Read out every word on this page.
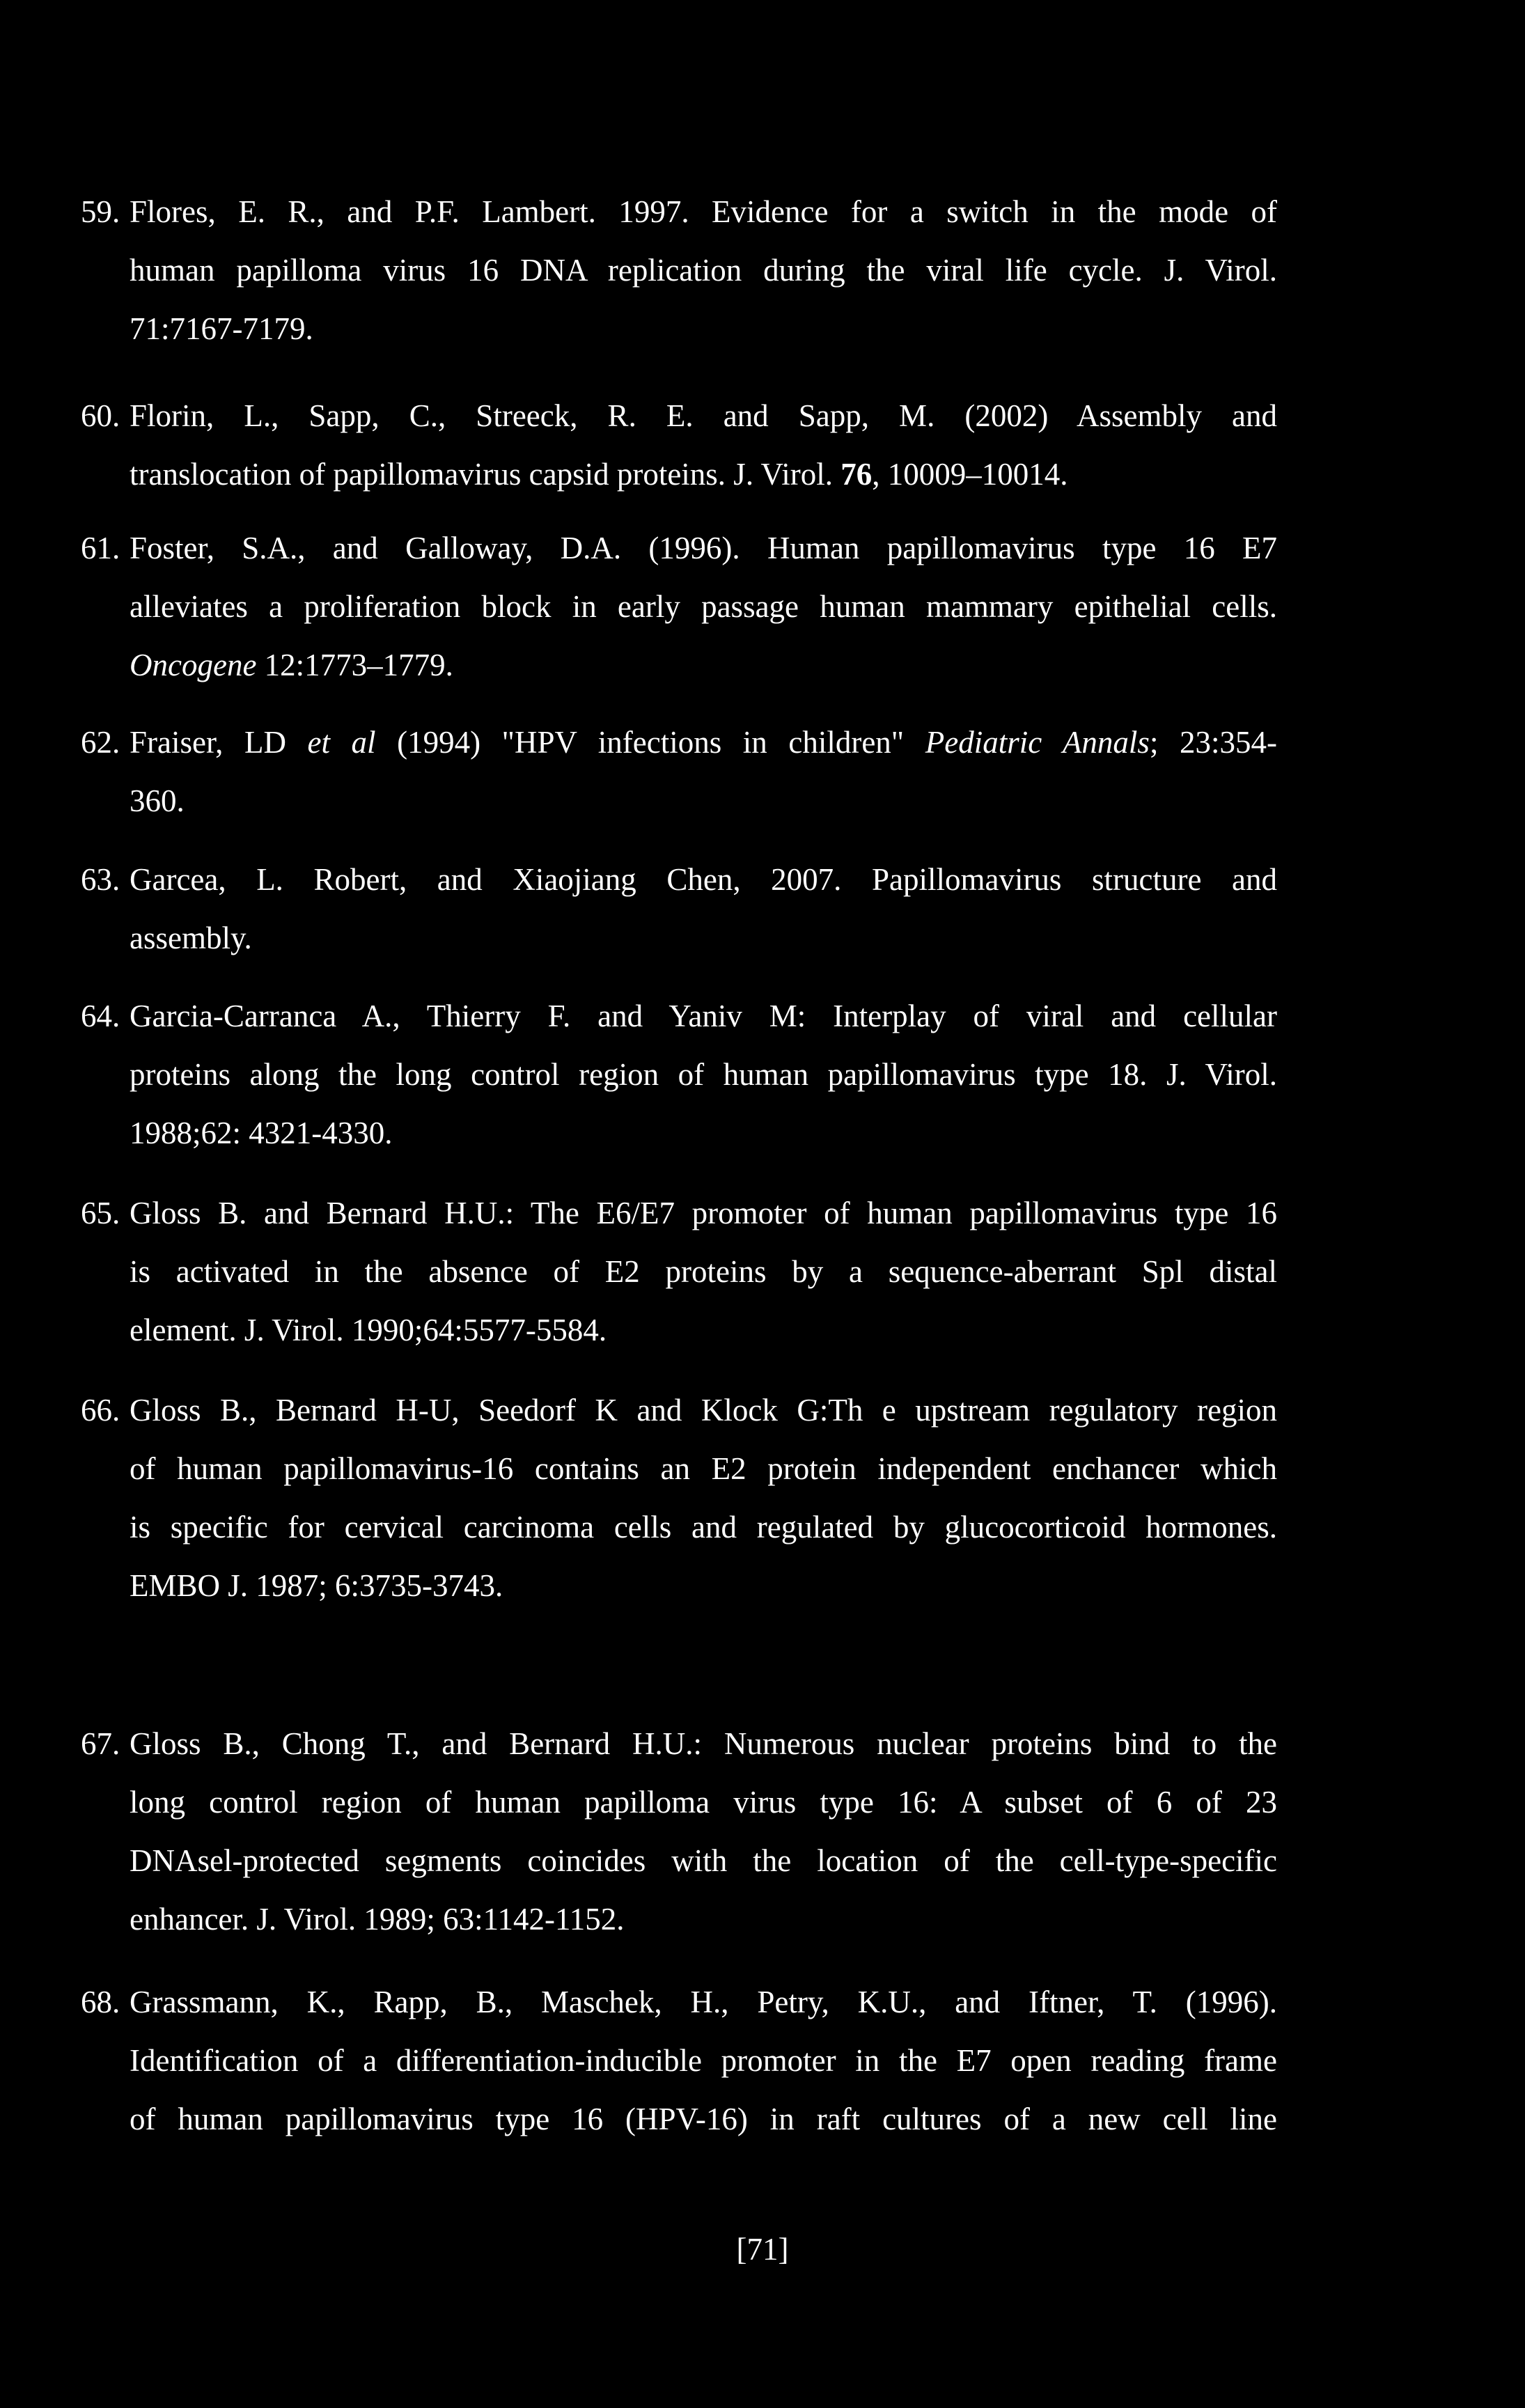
59. Flores, E. R., and P.F. Lambert. 1997. Evidence for a switch in the mode of
human papilloma virus 16 DNA replication during the viral life cycle. J. Virol.
71:7167-7179.
60. Florin, L., Sapp, C., Streeck, R. E. and Sapp, M. (2002) Assembly and
translocation of papillomavirus capsid proteins. J. Virol. 76, 10009–10014.
61. Foster, S.A., and Galloway, D.A. (1996). Human papillomavirus type 16 E7
alleviates a proliferation block in early passage human mammary epithelial cells.
Oncogene 12:1773–1779.
62. Fraiser, LD et al (1994) "HPV infections in children" Pediatric Annals; 23:354-
360.
63. Garcea, L. Robert, and Xiaojiang Chen, 2007. Papillomavirus structure and
assembly.
64. Garcia-Carranca A., Thierry F. and Yaniv M: Interplay of viral and cellular
proteins along the long control region of human papillomavirus type 18. J. Virol.
1988;62: 4321-4330.
65. Gloss B. and Bernard H.U.: The E6/E7 promoter of human papillomavirus type 16
is activated in the absence of E2 proteins by a sequence-aberrant Spl distal
element. J. Virol. 1990;64:5577-5584.
66. Gloss B., Bernard H-U, Seedorf K and Klock G:Th e upstream regulatory region
of human papillomavirus-16 contains an E2 protein independent enchancer which
is specific for cervical carcinoma cells and regulated by glucocorticoid hormones.
EMBO J. 1987; 6:3735-3743.
67. Gloss B., Chong T., and Bernard H.U.: Numerous nuclear proteins bind to the
long control region of human papilloma virus type 16: A subset of 6 of 23
DNAsel-protected segments coincides with the location of the cell-type-specific
enhancer. J. Virol. 1989; 63:1142-1152.
68. Grassmann, K., Rapp, B., Maschek, H., Petry, K.U., and Iftner, T. (1996).
Identification of a differentiation-inducible promoter in the E7 open reading frame
of human papillomavirus type 16 (HPV-16) in raft cultures of a new cell line
[71]
